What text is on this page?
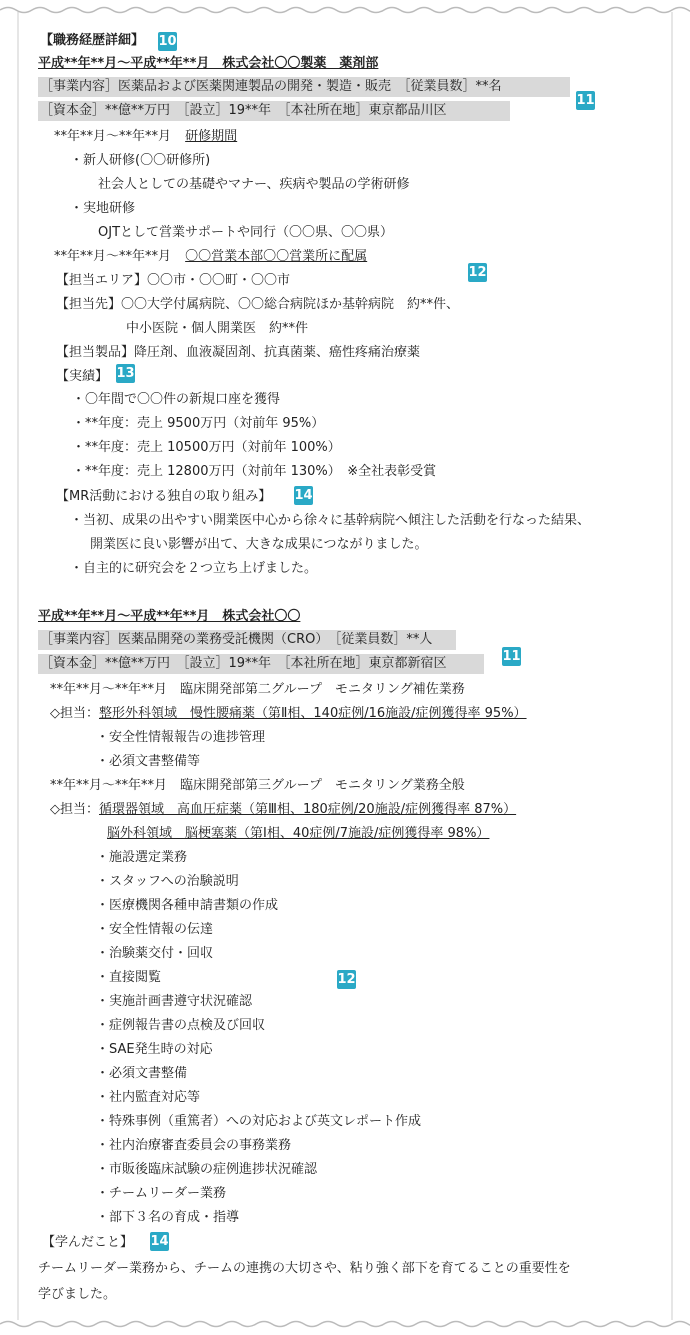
【職務経歴詳細】 10
平成**年**月～平成**年**月　株式会社〇〇製薬　薬剤部
［事業内容］医薬品および医薬関連製品の開発・製造・販売　［従業員数］**名
［資本金］**億**万円　［設立］19**年　［本社所在地］東京都品川区
11
**年**月～**年**月 研修期間
・新人研修(〇〇研修所)
社会人としての基礎やマナー、疾病や製品の学術研修
・実地研修
OJTとして営業サポートや同行（〇〇県、〇〇県）
**年**月～**年**月 〇〇営業本部〇〇営業所に配属
【担当エリア】〇〇市・〇〇町・〇〇市
12
【担当先】〇〇大学付属病院、〇〇総合病院ほか基幹病院　約**件、
中小医院・個人開業医　約**件
【担当製品】降圧剤、血液凝固剤、抗真菌薬、癌性疼痛治療薬
【実績】 13
・〇年間で〇〇件の新規口座を獲得
・**年度：売上 9500万円（対前年 95%）
・**年度：売上 10500万円（対前年 100%）
・**年度：売上 12800万円（対前年 130%）　※全社表彰受賞
【MR活動における独自の取り組み】 14
・当初、成果の出やすい開業医中心から徐々に基幹病院へ傾注した活動を行なった結果、
開業医に良い影響が出て、大きな成果につながりました。
・自主的に研究会を２つ立ち上げました。
平成**年**月～平成**年**月　株式会社〇〇
［事業内容］医薬品開発の業務受託機関（CRO）　［従業員数］**人
［資本金］**億**万円　［設立］19**年　［本社所在地］東京都新宿区	11
**年**月～**年**月　臨床開発部第二グループ　モニタリング補佐業務
◇担当：整形外科領域　慢性腰痛薬（第Ⅱ相、140症例/16施設/症例獲得率 95%）
・安全性情報報告の進捗管理
・必須文書整備等
**年**月～**年**月　臨床開発部第三グループ　モニタリング業務全般
◇担当：循環器領域　高血圧症薬（第Ⅲ相、180症例/20施設/症例獲得率 87%）
脳外科領域　脳梗塞薬（第Ⅰ相、40症例/7施設/症例獲得率 98%）
・施設選定業務
・スタッフへの治験説明
・医療機関各種申請書類の作成
・安全性情報の伝達
・治験薬交付・回収
・直接閲覧	12
・実施計画書遵守状況確認
・症例報告書の点検及び回収
・SAE発生時の対応
・必須文書整備
・社内監査対応等
・特殊事例（重篤者）への対応および英文レポート作成
・社内治療審査委員会の事務業務
・市販後臨床試験の症例進捗状況確認
・チームリーダー業務
・部下３名の育成・指導
【学んだこと】 14
チームリーダー業務から、チームの連携の大切さや、粘り強く部下を育てることの重要性を
学びました。
